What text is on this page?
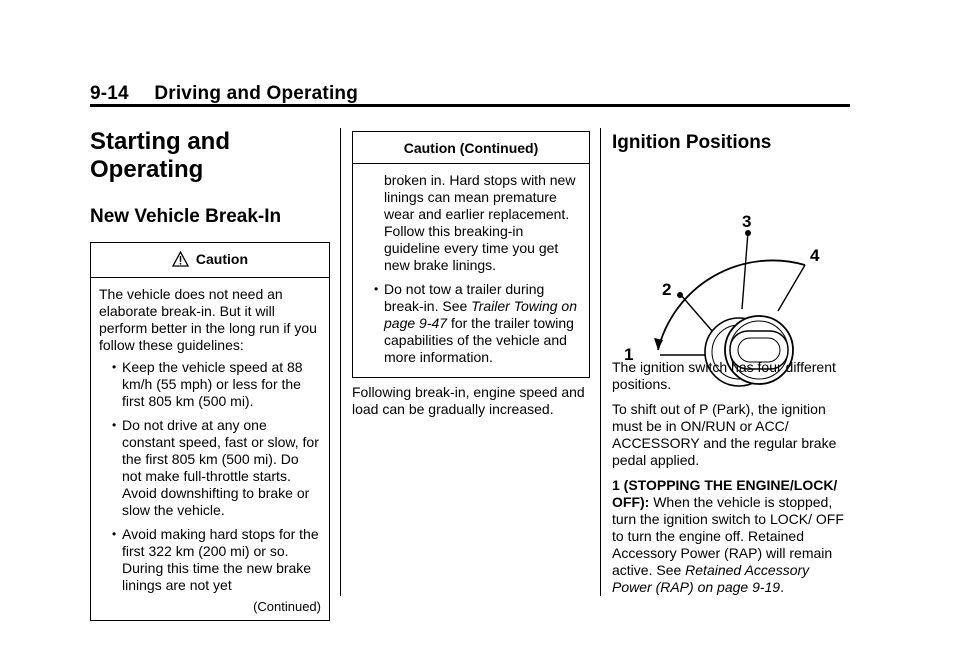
9-14 Driving and Operating
Starting and Operating
New Vehicle Break-In
Caution

The vehicle does not need an elaborate break-in. But it will perform better in the long run if you follow these guidelines:

• Keep the vehicle speed at 88 km/h (55 mph) or less for the first 805 km (500 mi).
• Do not drive at any one constant speed, fast or slow, for the first 805 km (500 mi). Do not make full-throttle starts. Avoid downshifting to brake or slow the vehicle.
• Avoid making hard stops for the first 322 km (200 mi) or so. During this time the new brake linings are not yet
(Continued)
Caution (Continued)
broken in. Hard stops with new linings can mean premature wear and earlier replacement. Follow this breaking-in guideline every time you get new brake linings.
• Do not tow a trailer during break-in. See Trailer Towing on page 9-47 for the trailer towing capabilities of the vehicle and more information.
Following break-in, engine speed and load can be gradually increased.
Ignition Positions
1
2
3
4

The ignition switch has four different positions.

To shift out of P (Park), the ignition must be in ON/RUN or ACC/ ACCESSORY and the regular brake pedal applied.

1 (STOPPING THE ENGINE/LOCK/ OFF): When the vehicle is stopped, turn the ignition switch to LOCK/ OFF to turn the engine off. Retained Accessory Power (RAP) will remain active. See Retained Accessory Power (RAP) on page 9-19.
